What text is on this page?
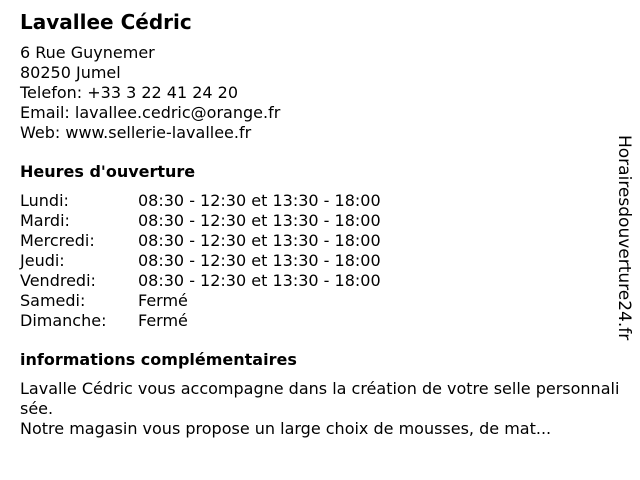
Lavallee Cédric
6 Rue Guynemer
80250 Jumel
Telefon: +33 3 22 41 24 20
Email: lavallee.cedric@orange.fr
Web: www.sellerie-lavallee.fr
Heures d'ouverture
Lundi:	08:30 - 12:30 et 13:30 - 18:00
Mardi:	08:30 - 12:30 et 13:30 - 18:00
Mercredi:	08:30 - 12:30 et 13:30 - 18:00
Jeudi:	08:30 - 12:30 et 13:30 - 18:00
Vendredi:	08:30 - 12:30 et 13:30 - 18:00
Samedi:	Fermé
Dimanche:	Fermé
informations complémentaires
Lavalle Cédric vous accompagne dans la création de votre selle personnalisée.
Notre magasin vous propose un large choix de mousses, de mat...
Horairesdouverture24.fr
